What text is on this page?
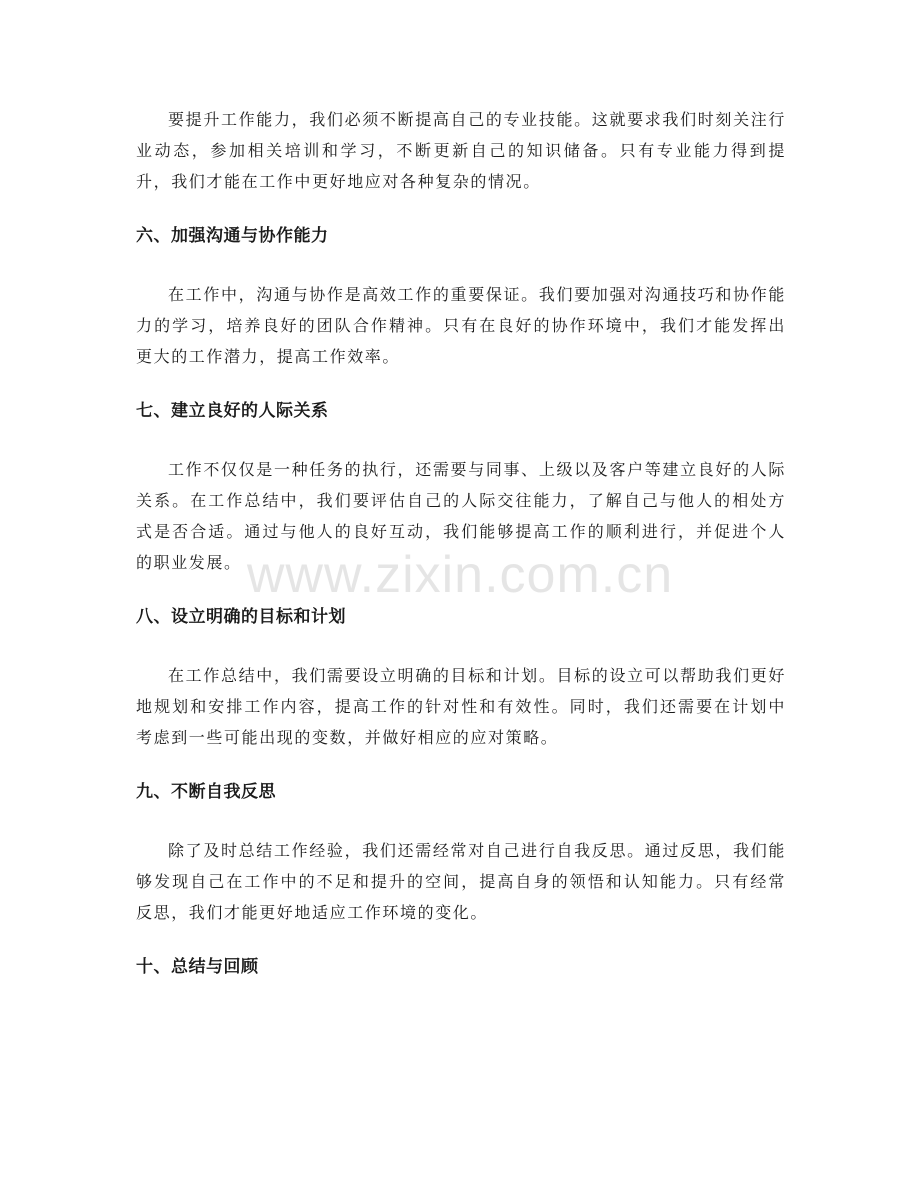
要提升工作能力，我们必须不断提高自己的专业技能。这就要求我们时刻关注行业动态，参加相关培训和学习，不断更新自己的知识储备。只有专业能力得到提升，我们才能在工作中更好地应对各种复杂的情况。

六、加强沟通与协作能力

在工作中，沟通与协作是高效工作的重要保证。我们要加强对沟通技巧和协作能力的学习，培养良好的团队合作精神。只有在良好的协作环境中，我们才能发挥出更大的工作潜力，提高工作效率。

七、建立良好的人际关系

工作不仅仅是一种任务的执行，还需要与同事、上级以及客户等建立良好的人际关系。在工作总结中，我们要评估自己的人际交往能力，了解自己与他人的相处方式是否合适。通过与他人的良好互动，我们能够提高工作的顺利进行，并促进个人的职业发展。

八、设立明确的目标和计划

在工作总结中，我们需要设立明确的目标和计划。目标的设立可以帮助我们更好地规划和安排工作内容，提高工作的针对性和有效性。同时，我们还需要在计划中考虑到一些可能出现的变数，并做好相应的应对策略。

九、不断自我反思

除了及时总结工作经验，我们还需经常对自己进行自我反思。通过反思，我们能够发现自己在工作中的不足和提升的空间，提高自身的领悟和认知能力。只有经常反思，我们才能更好地适应工作环境的变化。

十、总结与回顾
www.zixin.com.cn
